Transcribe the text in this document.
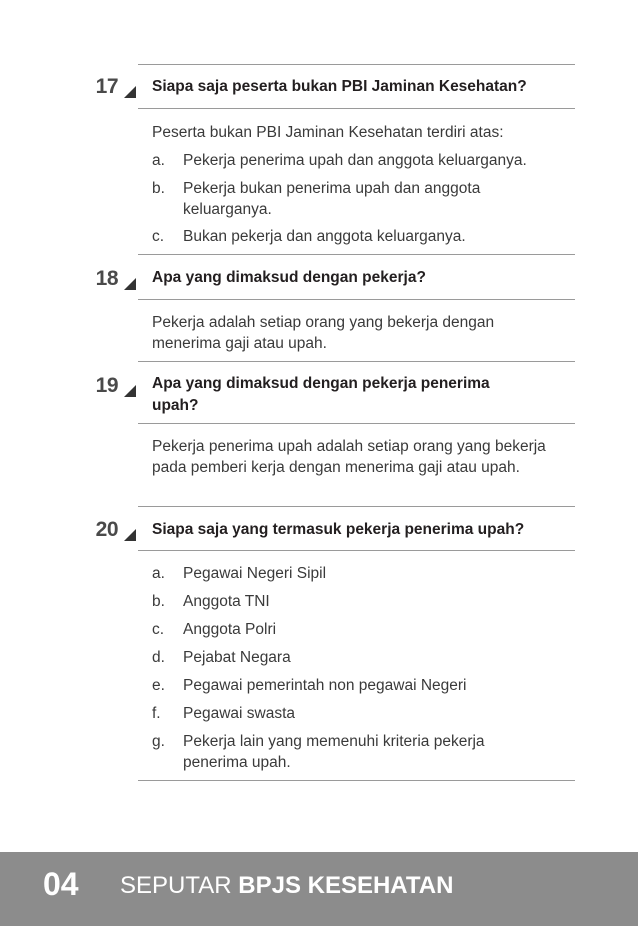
17 Siapa saja peserta bukan PBI Jaminan Kesehatan?
Peserta bukan PBI Jaminan Kesehatan terdiri atas:
a. Pekerja penerima upah dan anggota keluarganya.
b. Pekerja bukan penerima upah dan anggota keluarganya.
c. Bukan pekerja dan anggota keluarganya.
18 Apa yang dimaksud dengan pekerja?
Pekerja adalah setiap orang yang bekerja dengan menerima gaji atau upah.
19 Apa yang dimaksud dengan pekerja penerima upah?
Pekerja penerima upah adalah setiap orang yang bekerja pada pemberi kerja dengan menerima gaji atau upah.
20 Siapa saja yang termasuk pekerja penerima upah?
a. Pegawai Negeri Sipil
b. Anggota TNI
c. Anggota Polri
d. Pejabat Negara
e. Pegawai pemerintah non pegawai Negeri
f. Pegawai swasta
g. Pekerja lain yang memenuhi kriteria pekerja penerima upah.
04 SEPUTAR BPJS KESEHATAN
